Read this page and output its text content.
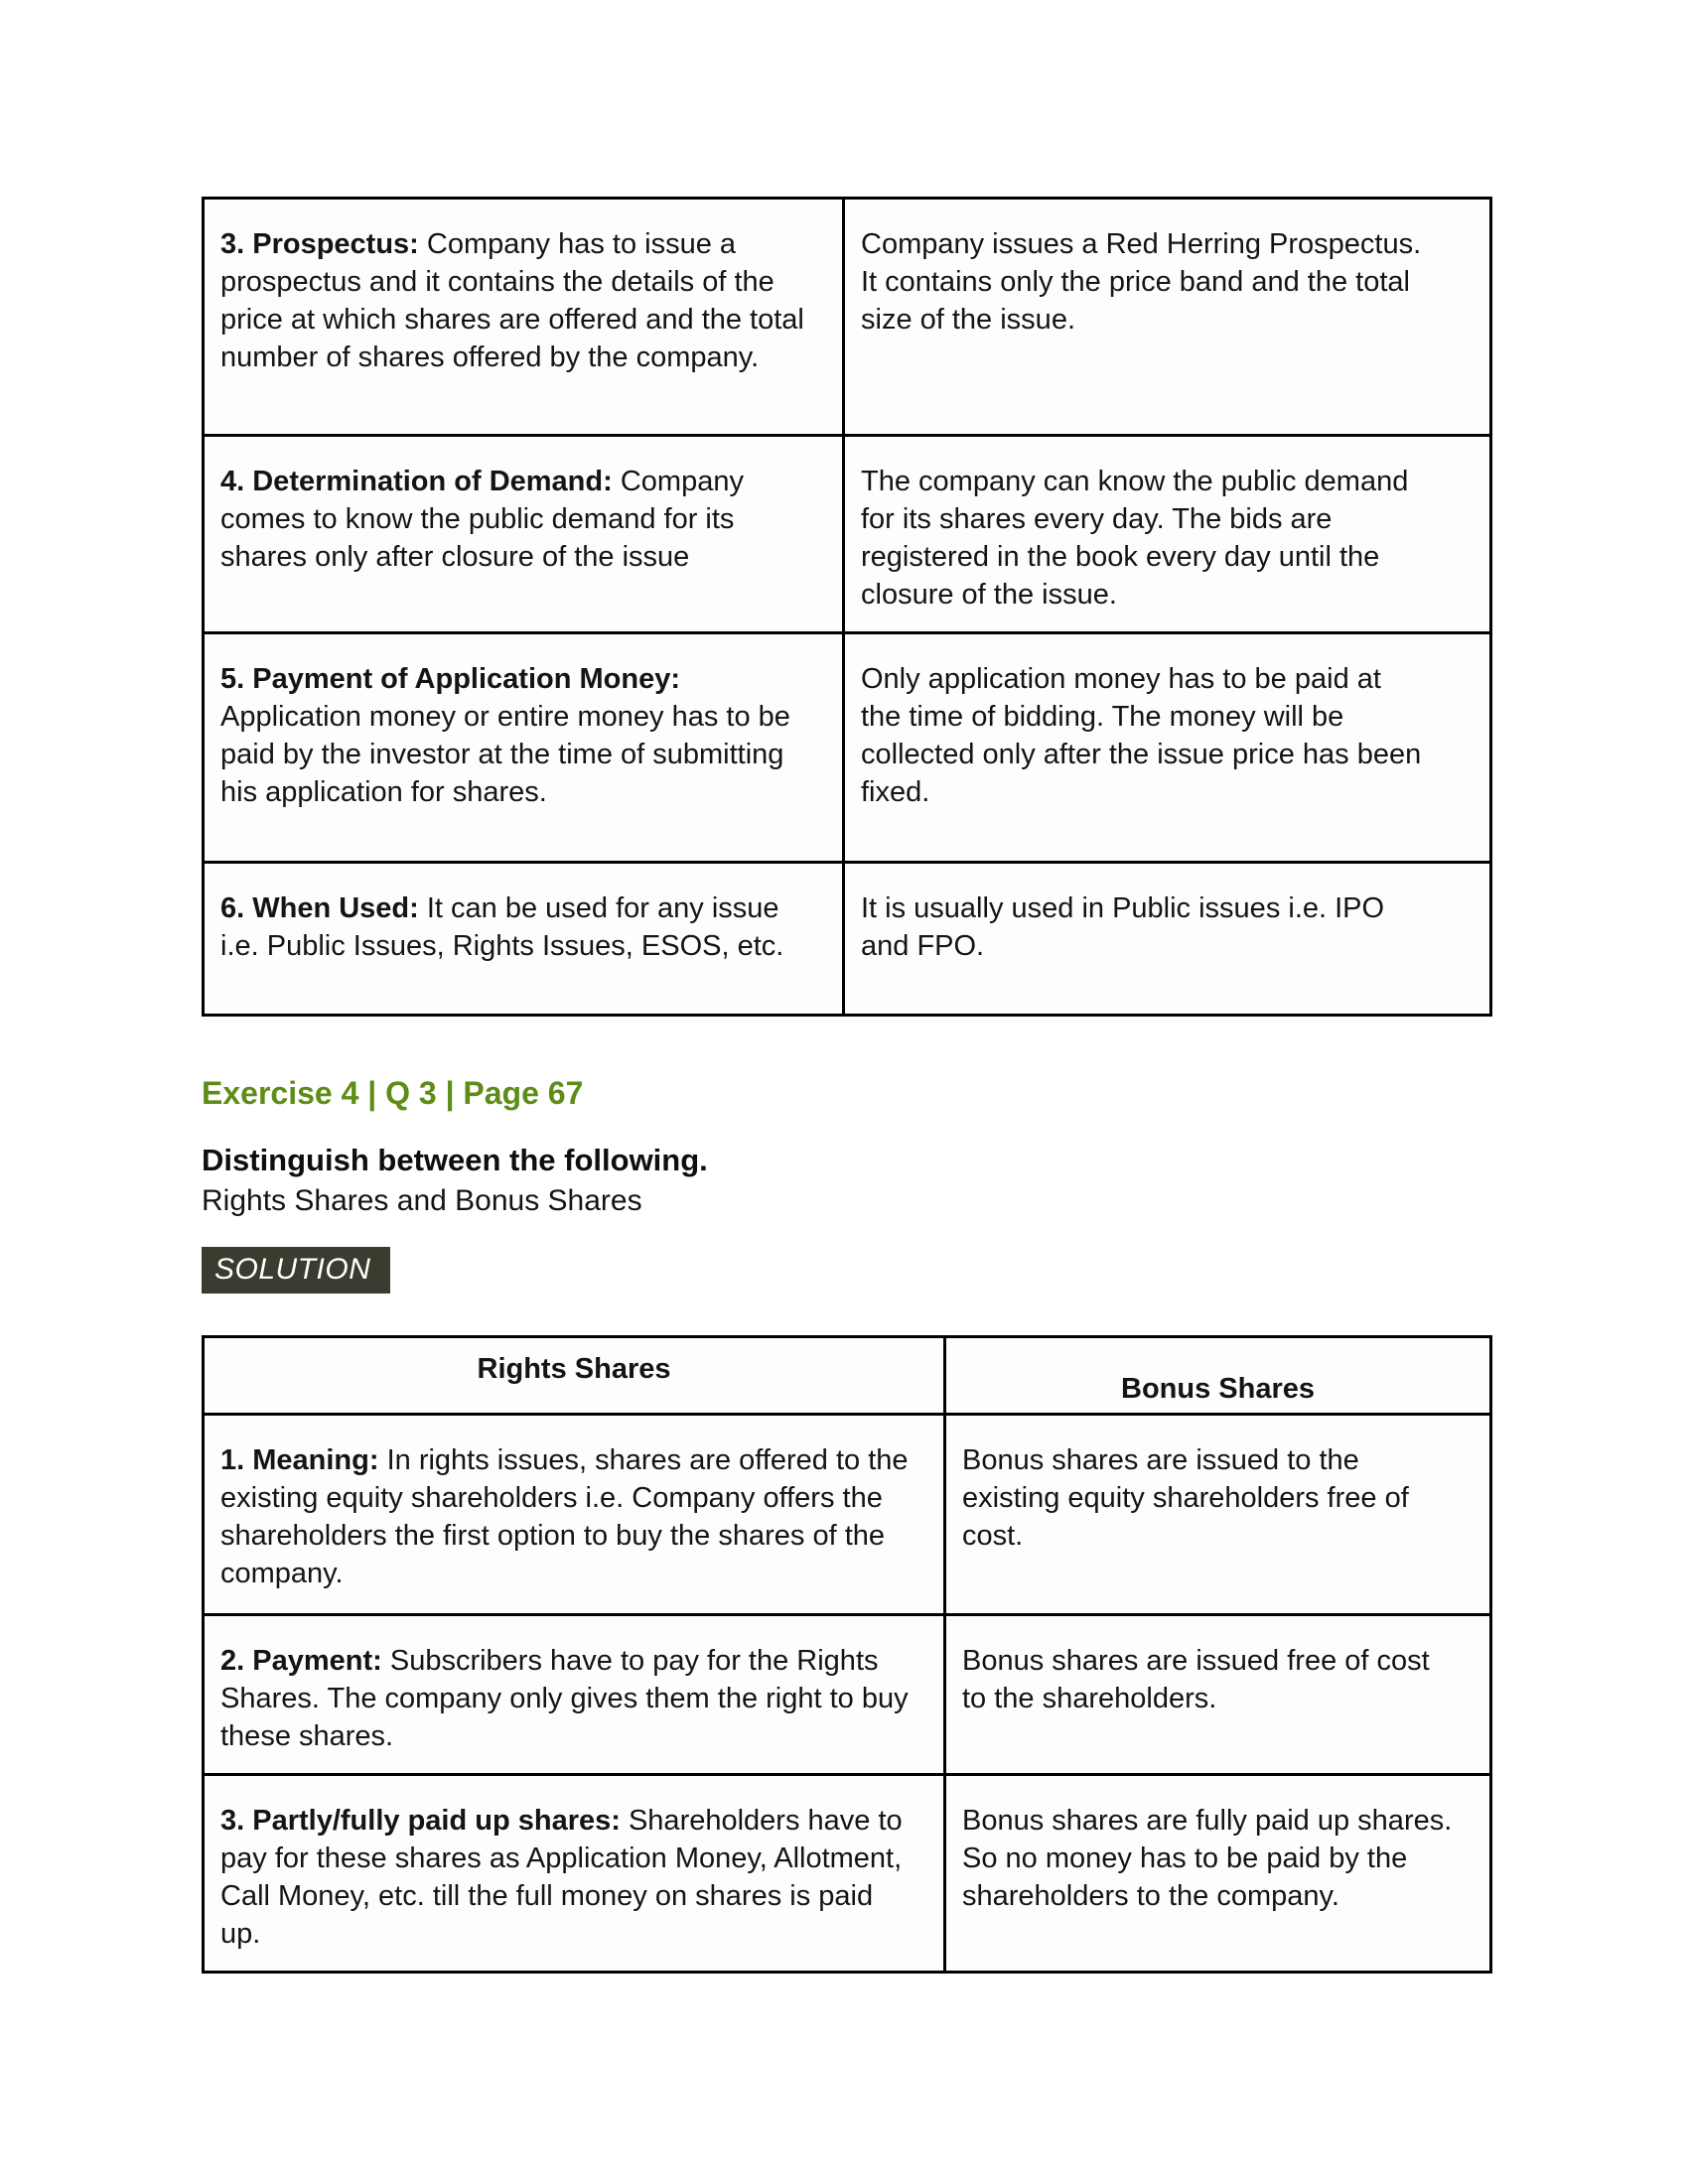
3. Prospectus: Company has to issue a prospectus and it contains the details of the price at which shares are offered and the total number of shares offered by the company.	Company issues a Red Herring Prospectus. It contains only the price band and the total size of the issue.
4. Determination of Demand: Company comes to know the public demand for its shares only after closure of the issue	The company can know the public demand for its shares every day. The bids are registered in the book every day until the closure of the issue.
5. Payment of Application Money: Application money or entire money has to be paid by the investor at the time of submitting his application for shares.	Only application money has to be paid at the time of bidding. The money will be collected only after the issue price has been fixed.
6. When Used: It can be used for any issue i.e. Public Issues, Rights Issues, ESOS, etc.	It is usually used in Public issues i.e. IPO and FPO.
Exercise 4 | Q 3 | Page 67
Distinguish between the following.
Rights Shares and Bonus Shares
SOLUTION
Rights Shares	Bonus Shares
1. Meaning: In rights issues, shares are offered to the existing equity shareholders i.e. Company offers the shareholders the first option to buy the shares of the company.	Bonus shares are issued to the existing equity shareholders free of cost.
2. Payment: Subscribers have to pay for the Rights Shares. The company only gives them the right to buy these shares.	Bonus shares are issued free of cost to the shareholders.
3. Partly/fully paid up shares: Shareholders have to pay for these shares as Application Money, Allotment, Call Money, etc. till the full money on shares is paid up.	Bonus shares are fully paid up shares. So no money has to be paid by the shareholders to the company.
